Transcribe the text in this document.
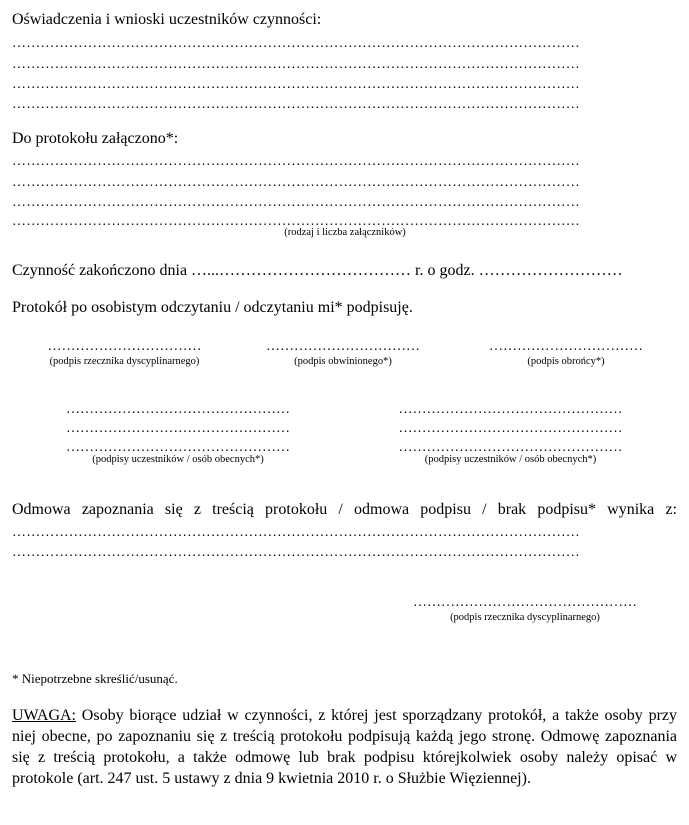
Oświadczenia i wnioski uczestników czynności:
…………………………………………………………………………………………………………
…………………………………………………………………………………………………………
…………………………………………………………………………………………………………
…………………………………………………………………………………………………………
Do protokołu załączono*:
…………………………………………………………………………………………………………
…………………………………………………………………………………………………………
…………………………………………………………………………………………………………
…………………………………………………………………………………………………………
(rodzaj i liczba załączników)
Czynność zakończono dnia …...……………………………… r. o godz. ………………………
Protokół po osobistym odczytaniu / odczytaniu mi* podpisuję.
……………………………
(podpis rzecznika dyscyplinarnego)
……………………………
(podpis obwinionego*)
……………………………
(podpis obrońcy*)
…………………………………………
…………………………………………
…………………………………………
(podpisy uczestników / osób obecnych*)
…………………………………………
…………………………………………
…………………………………………
(podpisy uczestników / osób obecnych*)
Odmowa zapoznania się z treścią protokołu / odmowa podpisu / brak podpisu* wynika z:
…………………………………………………………………………………………………………
…………………………………………………………………………………………………………
…………………………………………
(podpis rzecznika dyscyplinarnego)
* Niepotrzebne skreślić/usunąć.
UWAGA: Osoby biorące udział w czynności, z której jest sporządzany protokół, a także osoby przy niej obecne, po zapoznaniu się z treścią protokołu podpisują każdą jego stronę. Odmowę zapoznania się z treścią protokołu, a także odmowę lub brak podpisu którejkolwiek osoby należy opisać w protokole (art. 247 ust. 5 ustawy z dnia 9 kwietnia 2010 r. o Służbie Więziennej).
